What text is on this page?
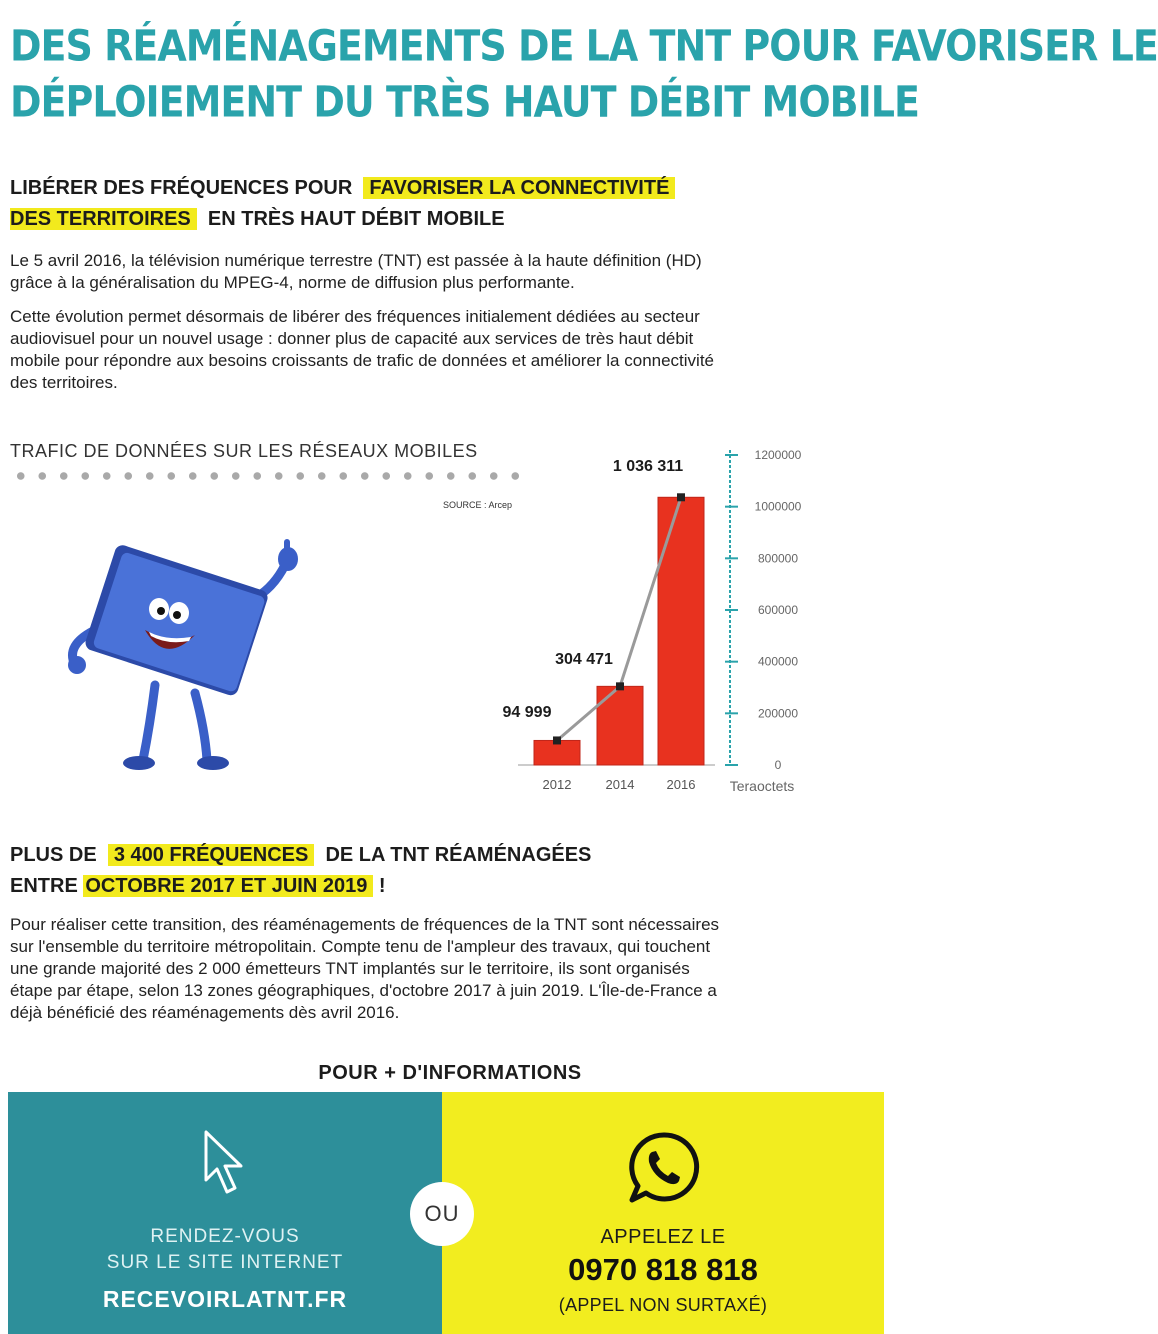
DES RÉAMÉNAGEMENTS DE LA TNT POUR FAVORISER LE
DÉPLOIEMENT DU TRÈS HAUT DÉBIT MOBILE
LIBÉRER DES FRÉQUENCES POUR FAVORISER LA CONNECTIVITÉ
DES TERRITOIRES EN TRÈS HAUT DÉBIT MOBILE

Le 5 avril 2016, la télévision numérique terrestre (TNT) est passée à la haute définition (HD)
grâce à la généralisation du MPEG-4, norme de diffusion plus performante.

Cette évolution permet désormais de libérer des fréquences initialement dédiées au secteur
audiovisuel pour un nouvel usage : donner plus de capacité aux services de très haut débit
mobile pour répondre aux besoins croissants de trafic de données et améliorer la connectivité
des territoires.

TRAFIC DE DONNÉES SUR LES RÉSEAUX MOBILES
SOURCE : Arcep
0
200000
400000
600000
800000
1000000
1200000
Teraoctets
2012	2014 2016
94 999
304 471
1 036 311
PLUS DE 3 400 FRÉQUENCES DE LA TNT RÉAMÉNAGÉES
ENTRE OCTOBRE 2017 ET JUIN 2019 !

Pour réaliser cette transition, des réaménagements de fréquences de la TNT sont nécessaires
sur l'ensemble du territoire métropolitain. Compte tenu de l'ampleur des travaux, qui touchent
une grande majorité des 2 000 émetteurs TNT implantés sur le territoire, ils sont organisés
étape par étape, selon 13 zones géographiques, d'octobre 2017 à juin 2019. L'Île-de-France a
déjà bénéficié des réaménagements dès avril 2016.

POUR + D'INFORMATIONS
RENDEZ-VOUS
SUR LE SITE INTERNET
RECEVOIRLATNT.FR
OU
APPELEZ LE
0970 818 818
(APPEL NON SURTAXÉ)
